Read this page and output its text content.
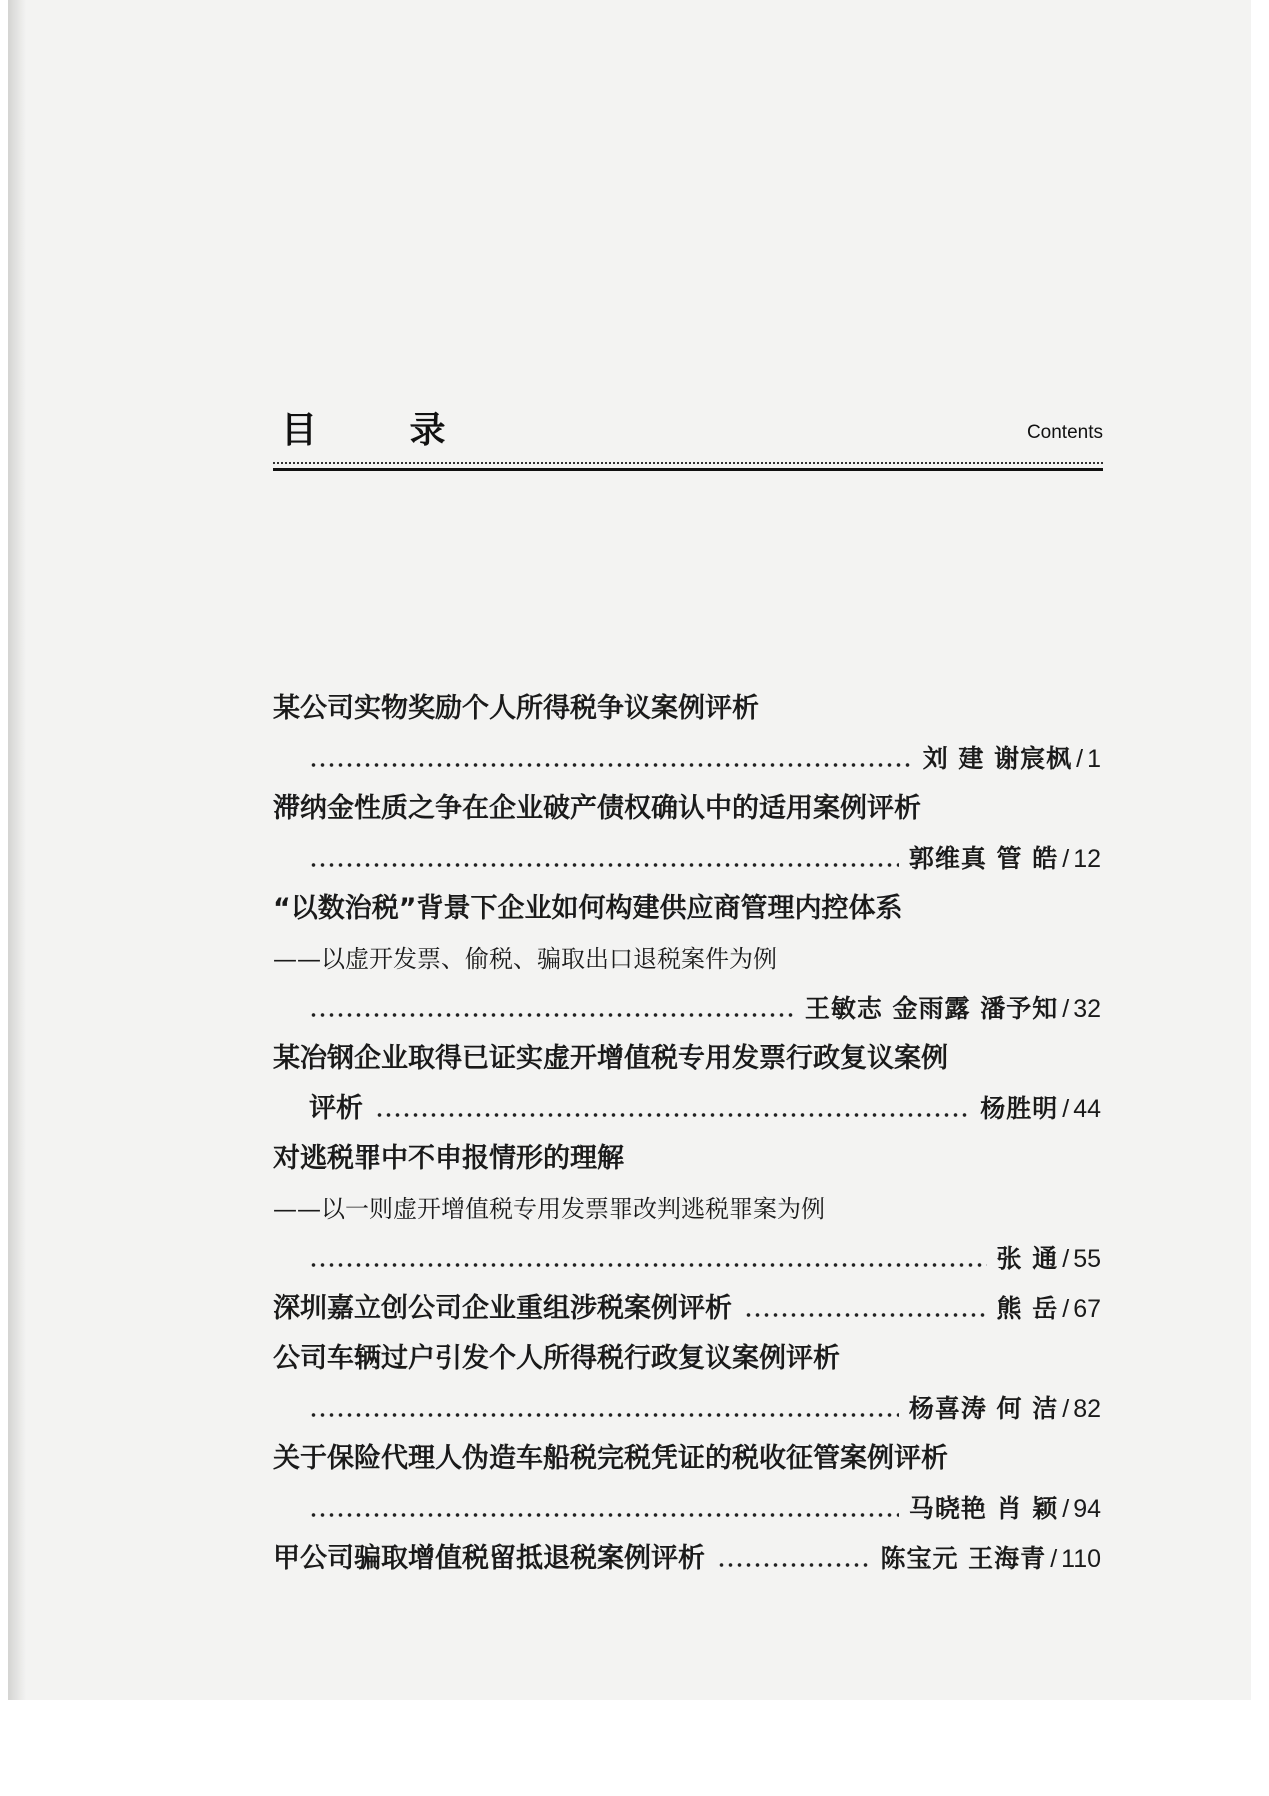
目 录	Contents
某公司实物奖励个人所得税争议案例评析
刘 建 谢宸枫 / 1
滞纳金性质之争在企业破产债权确认中的适用案例评析
郭维真 管 皓 / 12
“以数治税”背景下企业如何构建供应商管理内控体系
——以虚开发票、偷税、骗取出口退税案件为例
王敏志 金雨露 潘予知 / 32
某冶钢企业取得已证实虚开增值税专用发票行政复议案例
评析	杨胜明 / 44
对逃税罪中不申报情形的理解
——以一则虚开增值税专用发票罪改判逃税罪案为例
张 通 / 55
深圳嘉立创公司企业重组涉税案例评析	熊 岳 / 67
公司车辆过户引发个人所得税行政复议案例评析
杨喜涛 何 洁 / 82
关于保险代理人伪造车船税完税凭证的税收征管案例评析
马晓艳 肖 颖 / 94
甲公司骗取增值税留抵退税案例评析	陈宝元 王海青 / 110
